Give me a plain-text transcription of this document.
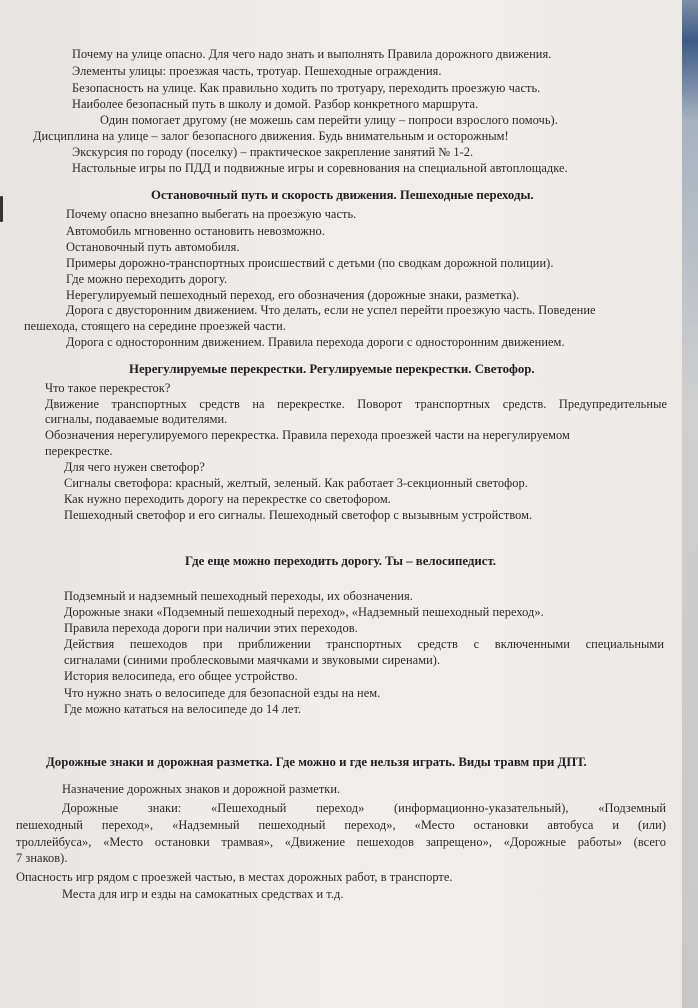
Почему на улице опасно. Для чего надо знать и выполнять Правила дорожного движения.

Элементы улицы: проезжая часть, тротуар. Пешеходные ограждения.

Безопасность на улице. Как правильно ходить по тротуару, переходить проезжую часть.

Наиболее безопасный путь в школу и домой. Разбор конкретного маршрута.

Один помогает другому (не можешь сам перейти улицу – попроси взрослого помочь).

Дисциплина на улице – залог безопасного движения. Будь внимательным и осторожным!

Экскурсия по городу (поселку) – практическое закрепление занятий № 1-2.

Настольные игры по ПДД и подвижные игры и соревнования на специальной автоплощадке.

Остановочный путь и скорость движения. Пешеходные переходы.

Почему опасно внезапно выбегать на проезжую часть.

Автомобиль мгновенно остановить невозможно.

Остановочный путь автомобиля.

Примеры дорожно-транспортных происшествий с детьми (по сводкам дорожной полиции).

Где можно переходить дорогу.

Нерегулируемый пешеходный переход, его обозначения (дорожные знаки, разметка).

Дорога с двусторонним движением. Что делать, если не успел перейти проезжую часть. Поведение

пешехода, стоящего на середине проезжей части.

Дорога с односторонним движением. Правила перехода дороги с односторонним движением.

Нерегулируемые перекрестки. Регулируемые перекрестки. Светофор.

Что такое перекресток?

Движение транспортных средств на перекрестке. Поворот транспортных средств. Предупредительные

сигналы, подаваемые водителями.

Обозначения нерегулируемого перекрестка. Правила перехода проезжей части на нерегулируемом

перекрестке.

Для чего нужен светофор?

Сигналы светофора: красный, желтый, зеленый. Как работает 3-секционный светофор.

Как нужно переходить дорогу на перекрестке со светофором.

Пешеходный светофор и его сигналы. Пешеходный светофор с вызывным устройством.

Где еще можно переходить дорогу. Ты – велосипедист.

Подземный и надземный пешеходный переходы, их обозначения.

Дорожные знаки «Подземный пешеходный переход», «Надземный пешеходный переход».

Правила перехода дороги при наличии этих переходов.

Действия пешеходов при приближении транспортных средств с включенными специальными

сигналами (синими проблесковыми маячками и звуковыми сиренами).

История велосипеда, его общее устройство.

Что нужно знать о велосипеде для безопасной езды на нем.

Где можно кататься на велосипеде до 14 лет.

Дорожные знаки и дорожная разметка. Где можно и где нельзя играть. Виды травм при ДПТ.

Назначение дорожных знаков и дорожной разметки.

Дорожные знаки: «Пешеходный переход» (информационно-указательный), «Подземный

пешеходный переход», «Надземный пешеходный переход», «Место остановки автобуса и (или)

троллейбуса», «Место остановки трамвая», «Движение пешеходов запрещено», «Дорожные работы» (всего

7 знаков).

Опасность игр рядом с проезжей частью, в местах дорожных работ, в транспорте.

Места для игр и езды на самокатных средствах и т.д.
